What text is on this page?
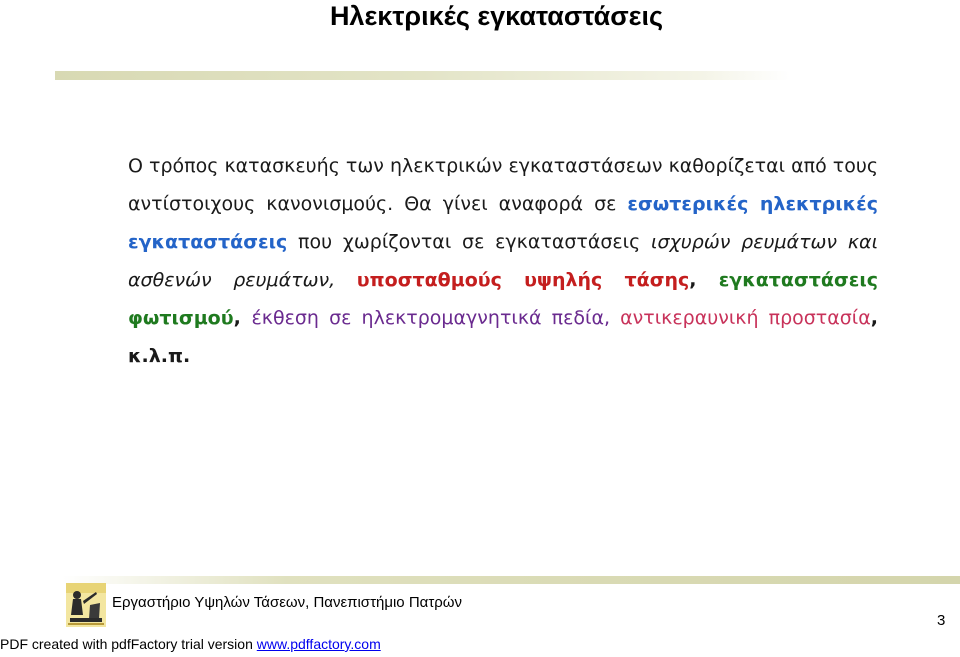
Ηλεκτρικές εγκαταστάσεις
Ο τρόπος κατασκευής των ηλεκτρικών εγκαταστάσεων καθορίζεται από τους αντίστοιχους κανονισμούς. Θα γίνει αναφορά σε εσωτερικές ηλεκτρικές εγκαταστάσεις που χωρίζονται σε εγκαταστάσεις ισχυρών ρευμάτων και ασθενών ρευμάτων, υποσταθμούς υψηλής τάσης, εγκαταστάσεις φωτισμού, έκθεση σε ηλεκτρομαγνητικά πεδία, αντικεραυνική προστασία, κ.λ.π.
Εργαστήριο Υψηλών Τάσεων, Πανεπιστήμιο Πατρών
3
PDF created with pdfFactory trial version www.pdffactory.com
